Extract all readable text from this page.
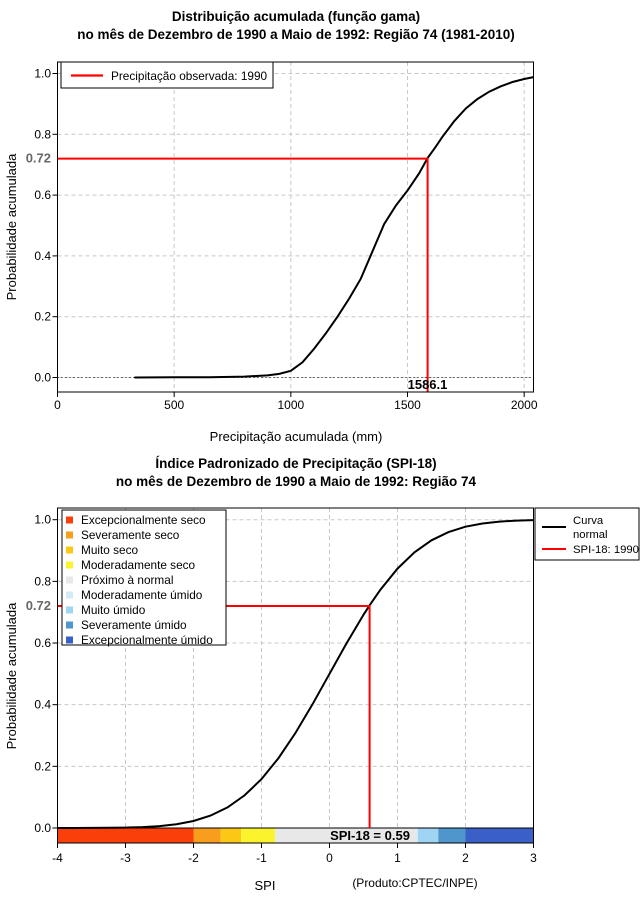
1586.1
0	500	1000	1500	2000
0.0
0.2
0.4
0.6
0.8
1.0	Precipitação observada: 1990
Distribuição acumulada (função gama)
no mês de Dezembro de 1990 a Maio de 1992: Região 74 (1981-2010)
Precipitação acumulada (mm)
Probabilidade acumulada 0.72
SPI-18 = 0.59
-4	-3	-2	-1	0	1	2	3
0.0
0.2
0.4
0.6
0.8
1.0	Excepcionalmente seco
Severamente seco
Muito seco
Moderadamente seco
Próximo à normal
Moderadamente úmido
Muito úmido
Severamente úmido
Excepcionalmente úmido
Curva
normal
SPI-18: 1990
Índice Padronizado de Precipitação (SPI-18)
no mês de Dezembro de 1990 a Maio de 1992: Região 74
SPI	(Produto:CPTEC/INPE)
Probabilidade acumulada 0.72
